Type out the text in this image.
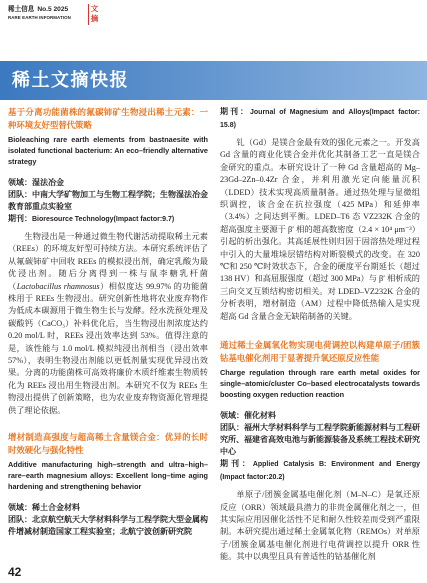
稀土信息 No.5 2025
RARE EARTH INFORMATION
文
摘
稀土文摘快报

基于分离功能菌株的氟碳铈矿生物浸出稀土元素：一种环境友好型替代策略

Bioleaching rare earth elements from bastnaesite with isolated functional bacterium: An eco–friendly alternative strategy

领域：湿法冶金

团队：中南大学矿物加工与生物工程学院；生物湿法冶金教育部重点实验室

期刊：Bioresource Technology(Impact factor:9.7)

生物浸出是一种通过微生物代谢活动提取稀土元素（REEs）的环境友好型可持续方法。本研究系统评估了从氟碳铈矿中回收 REEs 的模拟浸出剂，确定乳酸为最优浸出剂。随后分离得到一株与鼠李糖乳杆菌（Lactobacillus rhamnosus）相似度达 99.97% 的功能菌株用于 REEs 生物浸出。研究创新性地将农业废弃物作为低成本碳源用于微生物生长与发酵。经水洗预处理及碳酸钙（CaCO₃）补料优化后，当生物浸出剂浓度达约 0.20 mol/L 时，REEs 浸出效率达到 53%。值得注意的是，该性能与 1.0 mol/L 模拟纯浸出剂相当（浸出效率 57%），表明生物浸出剂能以更低剂量实现优异浸出效果。分离的功能菌株可高效将廉价木质纤维素生物质转化为 REEs 浸出用生物浸出剂。本研究不仅为 REEs 生物浸出提供了创新策略，也为农业废弃物资源化管理提供了理论依据。

增材制造高强度与超高稀土含量镁合金：优异的长时时效硬化与强化特性

Additive manufacturing high–strength and ultra–high–rare–earth magnesium alloys: Excellent long–time aging hardening and strengthening behavior

领域：稀土合金材料

团队：北京航空航天大学材料科学与工程学院大型金属构件增减材制造国家工程实验室；北航宁波创新研究院

期刊：Journal of Magnesium and Alloys(Impact factor: 15.8)

钆（Gd）是镁合金最有效的强化元素之一。开发高 Gd 含量的商业化镁合金并优化其制备工艺一直是镁合金研究的重点。本研究设计了一种 Gd 含量超高的 Mg–23Gd–2Zn–0.4Zr 合金，并利用激光定向能量沉积（LDED）技术实现高质量制备。通过热处理与显微组织调控，该合金在抗拉强度（425 MPa）和延伸率（3.4%）之间达到平衡。LDED–T6 态 VZ232K 合金的超高强度主要源于 β′ 相的超高数密度（2.4 × 10⁴ μm⁻³）引起的析出强化。其高延展性则归因于固溶热处理过程中引入的大量堆垛层错结构对断裂模式的改变。在 320 ℃和 250 ℃时效状态下，合金的硬度平台期延长（超过 138 HV）和高屈服强度（超过 300 MPa）与 β′ 相析成的三向交叉互锁结构密切相关。对 LDED–VZ232K 合金的分析表明，增材制造（AM）过程中降低热输入是实现超高 Gd 含量合金无缺陷制备的关键。

通过稀土金属氧化物实现电荷调控以构建单原子/团簇钴基电催化剂用于显著提升氧还原反应性能

Charge regulation through rare earth metal oxides for single–atomic/cluster Co–based electrocatalysts towards boosting oxygen reduction reaction

领域：催化材料

团队：福州大学材料科学与工程学院新能源材料与工程研究所、福建省高效电池与新能源装备及系统工程技术研究中心

期刊：Applied Catalysis B: Environment and Energy (Impact factor:20.2)

单原子/团簇金属基电催化剂（M–N–C）是氧还原反应（ORR）领域最具潜力的非贵金属催化剂之一，但其实际应用因催化活性不足和耐久性较差而受到严重限制。本研究提出通过稀土金属氧化物（REMOs）对单原子/团簇金属基电催化剂进行电荷调控以提升 ORR 性能。其中以典型且具有普适性的钴基催化剂

42
